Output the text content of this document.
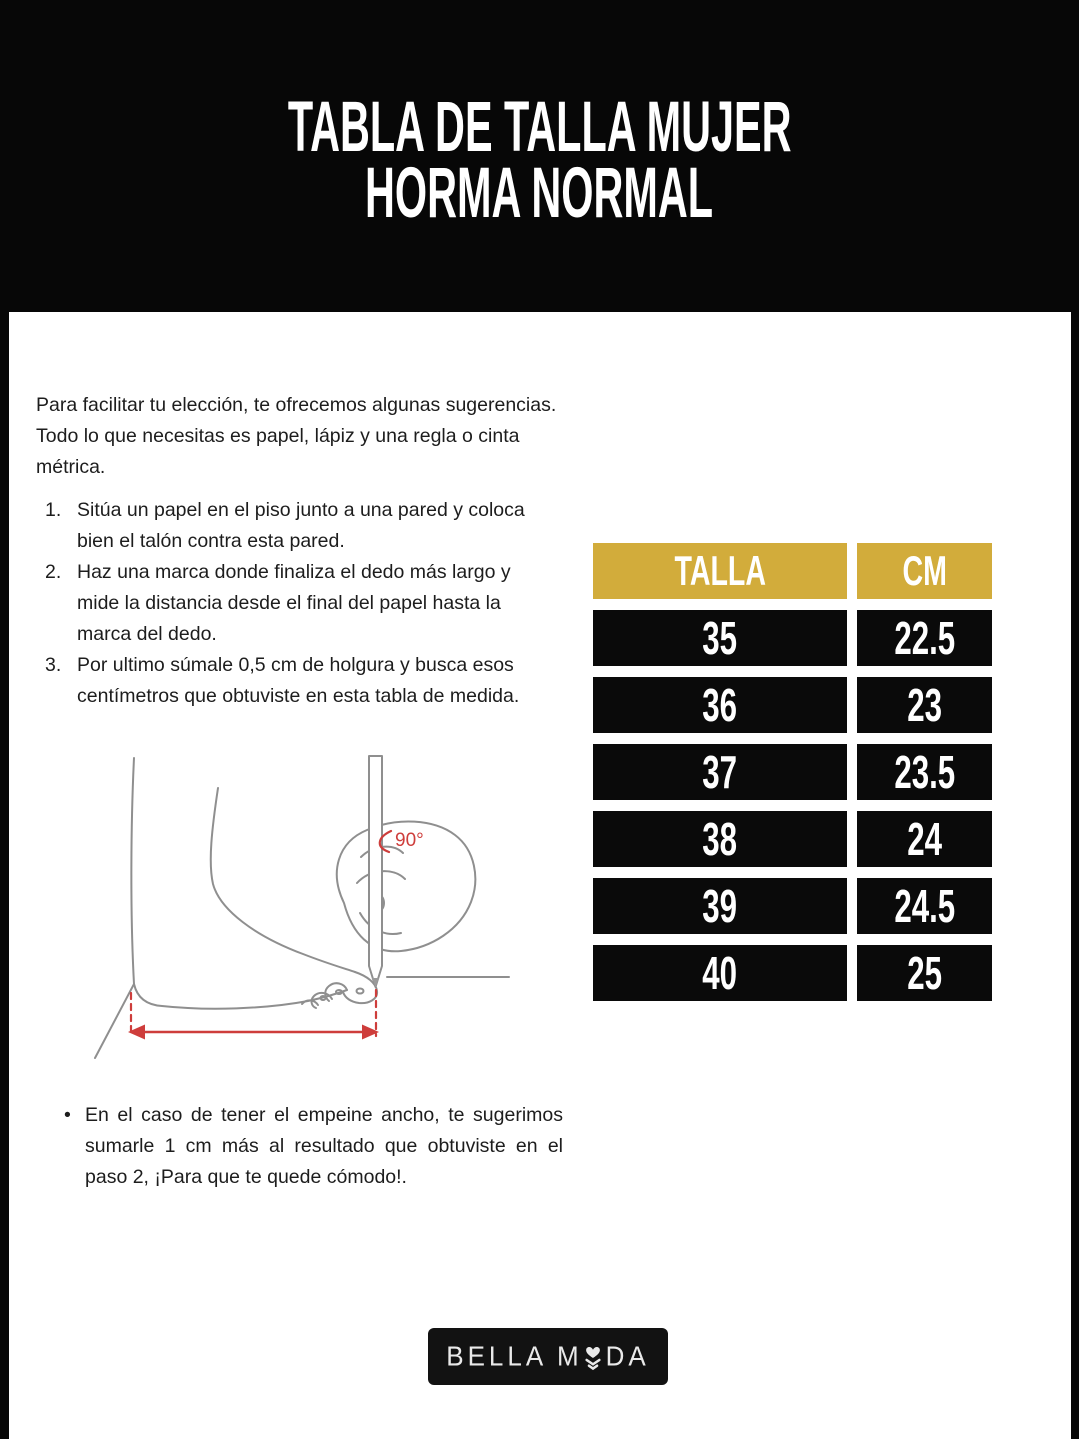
TABLA DE TALLA MUJER
HORMA NORMAL

Para facilitar tu elección, te ofrecemos algunas sugerencias. Todo lo que necesitas es papel, lápiz y una regla o cinta métrica.

1. Sitúa un papel en el piso junto a una pared y coloca bien el talón contra esta pared.
2. Haz una marca donde finaliza el dedo más largo y mide la distancia desde el final del papel hasta la marca del dedo.
3. Por ultimo súmale 0,5 cm de holgura y busca esos centímetros que obtuviste en esta tabla de medida.
TALLA	CM
35	22.5
36	23
37	23.5
38	24
39	24.5
40	25
90°
• En el caso de tener el empeine ancho, te sugerimos sumarle 1 cm más al resultado que obtuviste en el paso 2, ¡Para que te quede cómodo!.
BELLA M DA
